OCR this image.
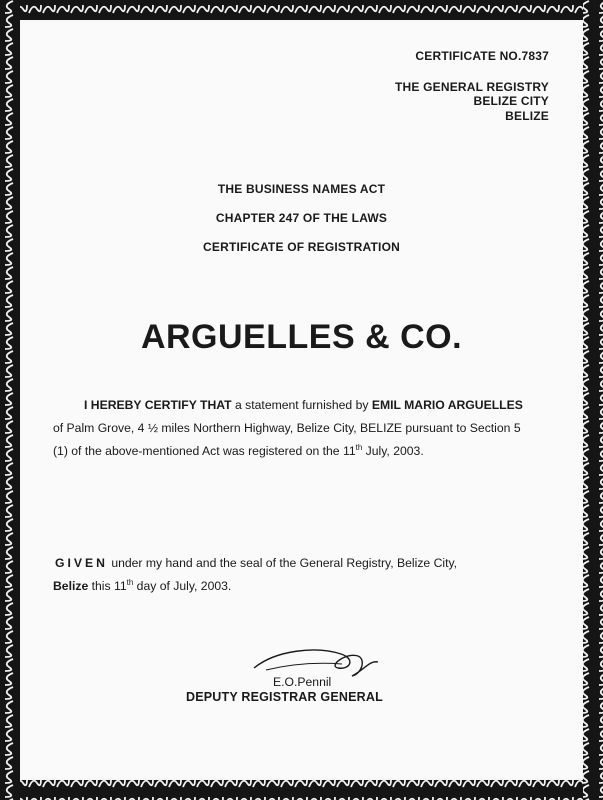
CERTIFICATE NO.7837
THE GENERAL REGISTRY
BELIZE CITY
BELIZE
THE BUSINESS NAMES ACT
CHAPTER 247 OF THE LAWS
CERTIFICATE OF REGISTRATION
ARGUELLES & CO.
I HEREBY CERTIFY THAT a statement furnished by EMIL MARIO ARGUELLES
of Palm Grove, 4 ½ miles Northern Highway, Belize City, BELIZE pursuant to Section 5
(1) of the above-mentioned Act was registered on the 11th July, 2003.
GIVEN under my hand and the seal of the General Registry, Belize City,
Belize this 11th day of July, 2003.
E.O.Pennil
DEPUTY REGISTRAR GENERAL
